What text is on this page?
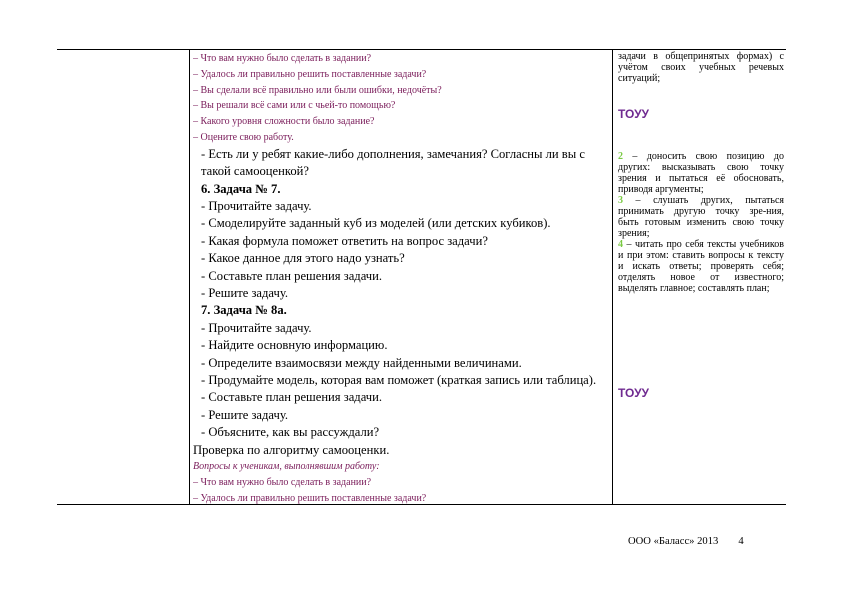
– Что вам нужно было сделать в задании?
– Удалось ли правильно решить поставленные задачи?
– Вы сделали всё правильно или были ошибки, недочёты?
– Вы решали всё сами или с чьей-то помощью?
– Какого уровня сложности было задание?
– Оцените свою работу.
- Есть ли у ребят какие-либо дополнения, замечания? Согласны ли вы с такой самооценкой?
6. Задача № 7.
- Прочитайте задачу.
- Смоделируйте заданный куб из моделей (или детских кубиков).
- Какая формула поможет ответить на вопрос задачи?
- Какое данное для этого надо узнать?
- Составьте план решения задачи.
- Решите задачу.
7. Задача № 8а.
- Прочитайте задачу.
- Найдите основную информацию.
- Определите взаимосвязи между найденными величинами.
- Продумайте модель, которая вам поможет (краткая запись или таблица).
- Составьте план решения задачи.
- Решите задачу.
- Объясните, как вы рассуждали?
Проверка по алгоритму самооценки.
Вопросы к ученикам, выполнявшим работу:
– Что вам нужно было сделать в задании?
– Удалось ли правильно решить поставленные задачи?
задачи в общепринятых формах) с учётом своих учебных речевых ситуаций;
ТОУУ
2 – доносить свою позицию до других: высказывать свою точку зрения и пытаться её обосновать, приводя аргументы;
3 – слушать других, пытаться принимать другую точку зре-ния, быть готовым изменить свою точку зрения;
4 – читать про себя тексты учебников и при этом: ставить вопросы к тексту и искать ответы; проверять себя; отделять новое от известного; выделять главное; составлять план;
ТОУУ
ООО «Баласс» 2013 4
